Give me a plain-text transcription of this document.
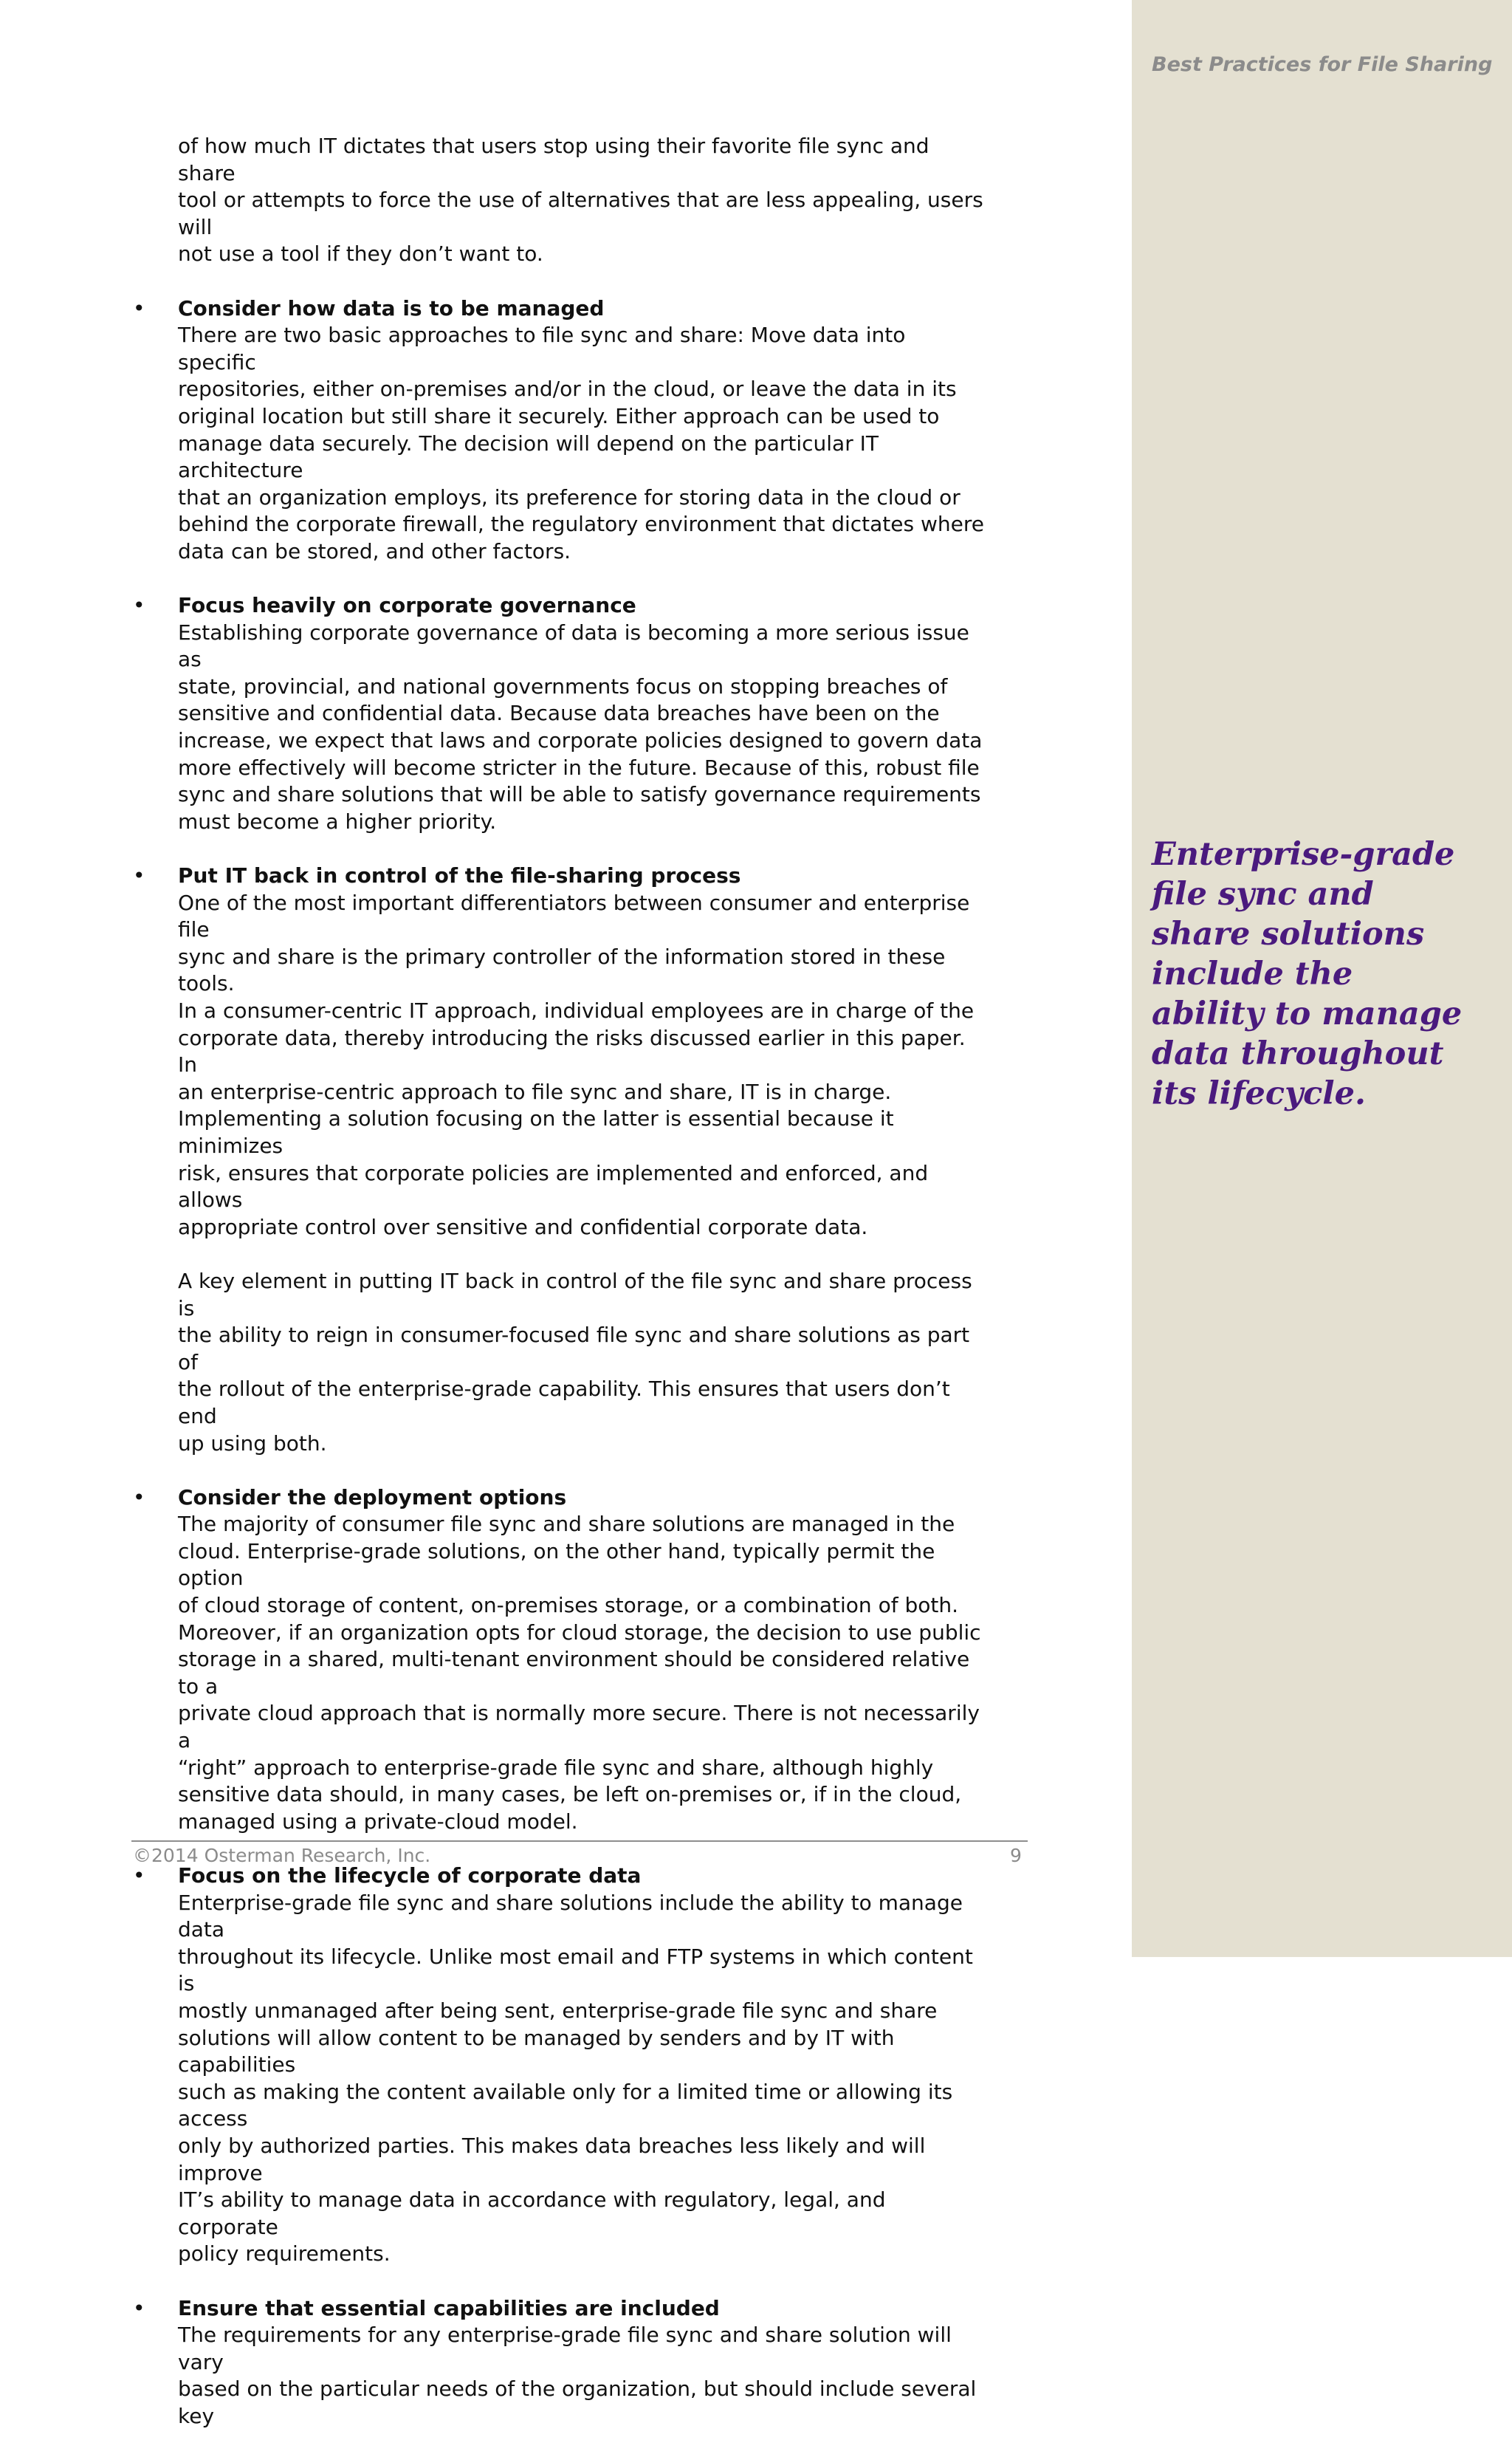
Best Practices for File Sharing
Enterprise-grade
file sync and
share solutions
include the
ability to manage
data throughout
its lifecycle.

of how much IT dictates that users stop using their favorite file sync and share
tool or attempts to force the use of alternatives that are less appealing, users will
not use a tool if they don’t want to.

• Consider how data is to be managed
There are two basic approaches to file sync and share: Move data into specific
repositories, either on-premises and/or in the cloud, or leave the data in its
original location but still share it securely. Either approach can be used to
manage data securely. The decision will depend on the particular IT architecture
that an organization employs, its preference for storing data in the cloud or
behind the corporate firewall, the regulatory environment that dictates where
data can be stored, and other factors.
• Focus heavily on corporate governance
Establishing corporate governance of data is becoming a more serious issue as
state, provincial, and national governments focus on stopping breaches of
sensitive and confidential data. Because data breaches have been on the
increase, we expect that laws and corporate policies designed to govern data
more effectively will become stricter in the future. Because of this, robust file
sync and share solutions that will be able to satisfy governance requirements
must become a higher priority.
• Put IT back in control of the file-sharing process
One of the most important differentiators between consumer and enterprise file
sync and share is the primary controller of the information stored in these tools.
In a consumer-centric IT approach, individual employees are in charge of the
corporate data, thereby introducing the risks discussed earlier in this paper. In
an enterprise-centric approach to file sync and share, IT is in charge.
Implementing a solution focusing on the latter is essential because it minimizes
risk, ensures that corporate policies are implemented and enforced, and allows
appropriate control over sensitive and confidential corporate data.
A key element in putting IT back in control of the file sync and share process is
the ability to reign in consumer-focused file sync and share solutions as part of
the rollout of the enterprise-grade capability. This ensures that users don’t end
up using both.
• Consider the deployment options
The majority of consumer file sync and share solutions are managed in the
cloud. Enterprise-grade solutions, on the other hand, typically permit the option
of cloud storage of content, on-premises storage, or a combination of both.
Moreover, if an organization opts for cloud storage, the decision to use public
storage in a shared, multi-tenant environment should be considered relative to a
private cloud approach that is normally more secure. There is not necessarily a
“right” approach to enterprise-grade file sync and share, although highly
sensitive data should, in many cases, be left on-premises or, if in the cloud,
managed using a private-cloud model.
• Focus on the lifecycle of corporate data
Enterprise-grade file sync and share solutions include the ability to manage data
throughout its lifecycle. Unlike most email and FTP systems in which content is
mostly unmanaged after being sent, enterprise-grade file sync and share
solutions will allow content to be managed by senders and by IT with capabilities
such as making the content available only for a limited time or allowing its access
only by authorized parties. This makes data breaches less likely and will improve
IT’s ability to manage data in accordance with regulatory, legal, and corporate
policy requirements.
• Ensure that essential capabilities are included
The requirements for any enterprise-grade file sync and share solution will vary
based on the particular needs of the organization, but should include several key
©2014 Osterman Research, Inc.	9
